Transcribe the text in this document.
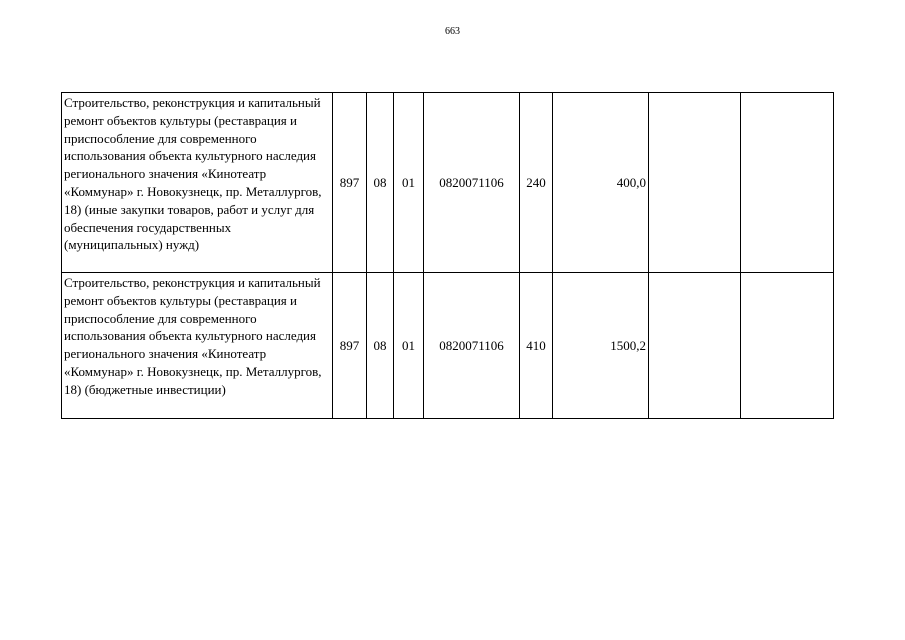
663
Строительство, реконструкция и капитальный ремонт объектов культуры (реставрация и приспособление для современного использования объекта культурного наследия регионального значения «Кинотеатр «Коммунар» г. Новокузнецк, пр. Металлургов, 18) (иные закупки товаров, работ и услуг для обеспечения государственных (муниципальных) нужд)	897	08	01	0820071106	240	400,0		
Строительство, реконструкция и капитальный ремонт объектов культуры (реставрация и приспособление для современного использования объекта культурного наследия регионального значения «Кинотеатр «Коммунар» г. Новокузнецк, пр. Металлургов, 18) (бюджетные инвестиции)	897	08	01	0820071106	410	1500,2		
